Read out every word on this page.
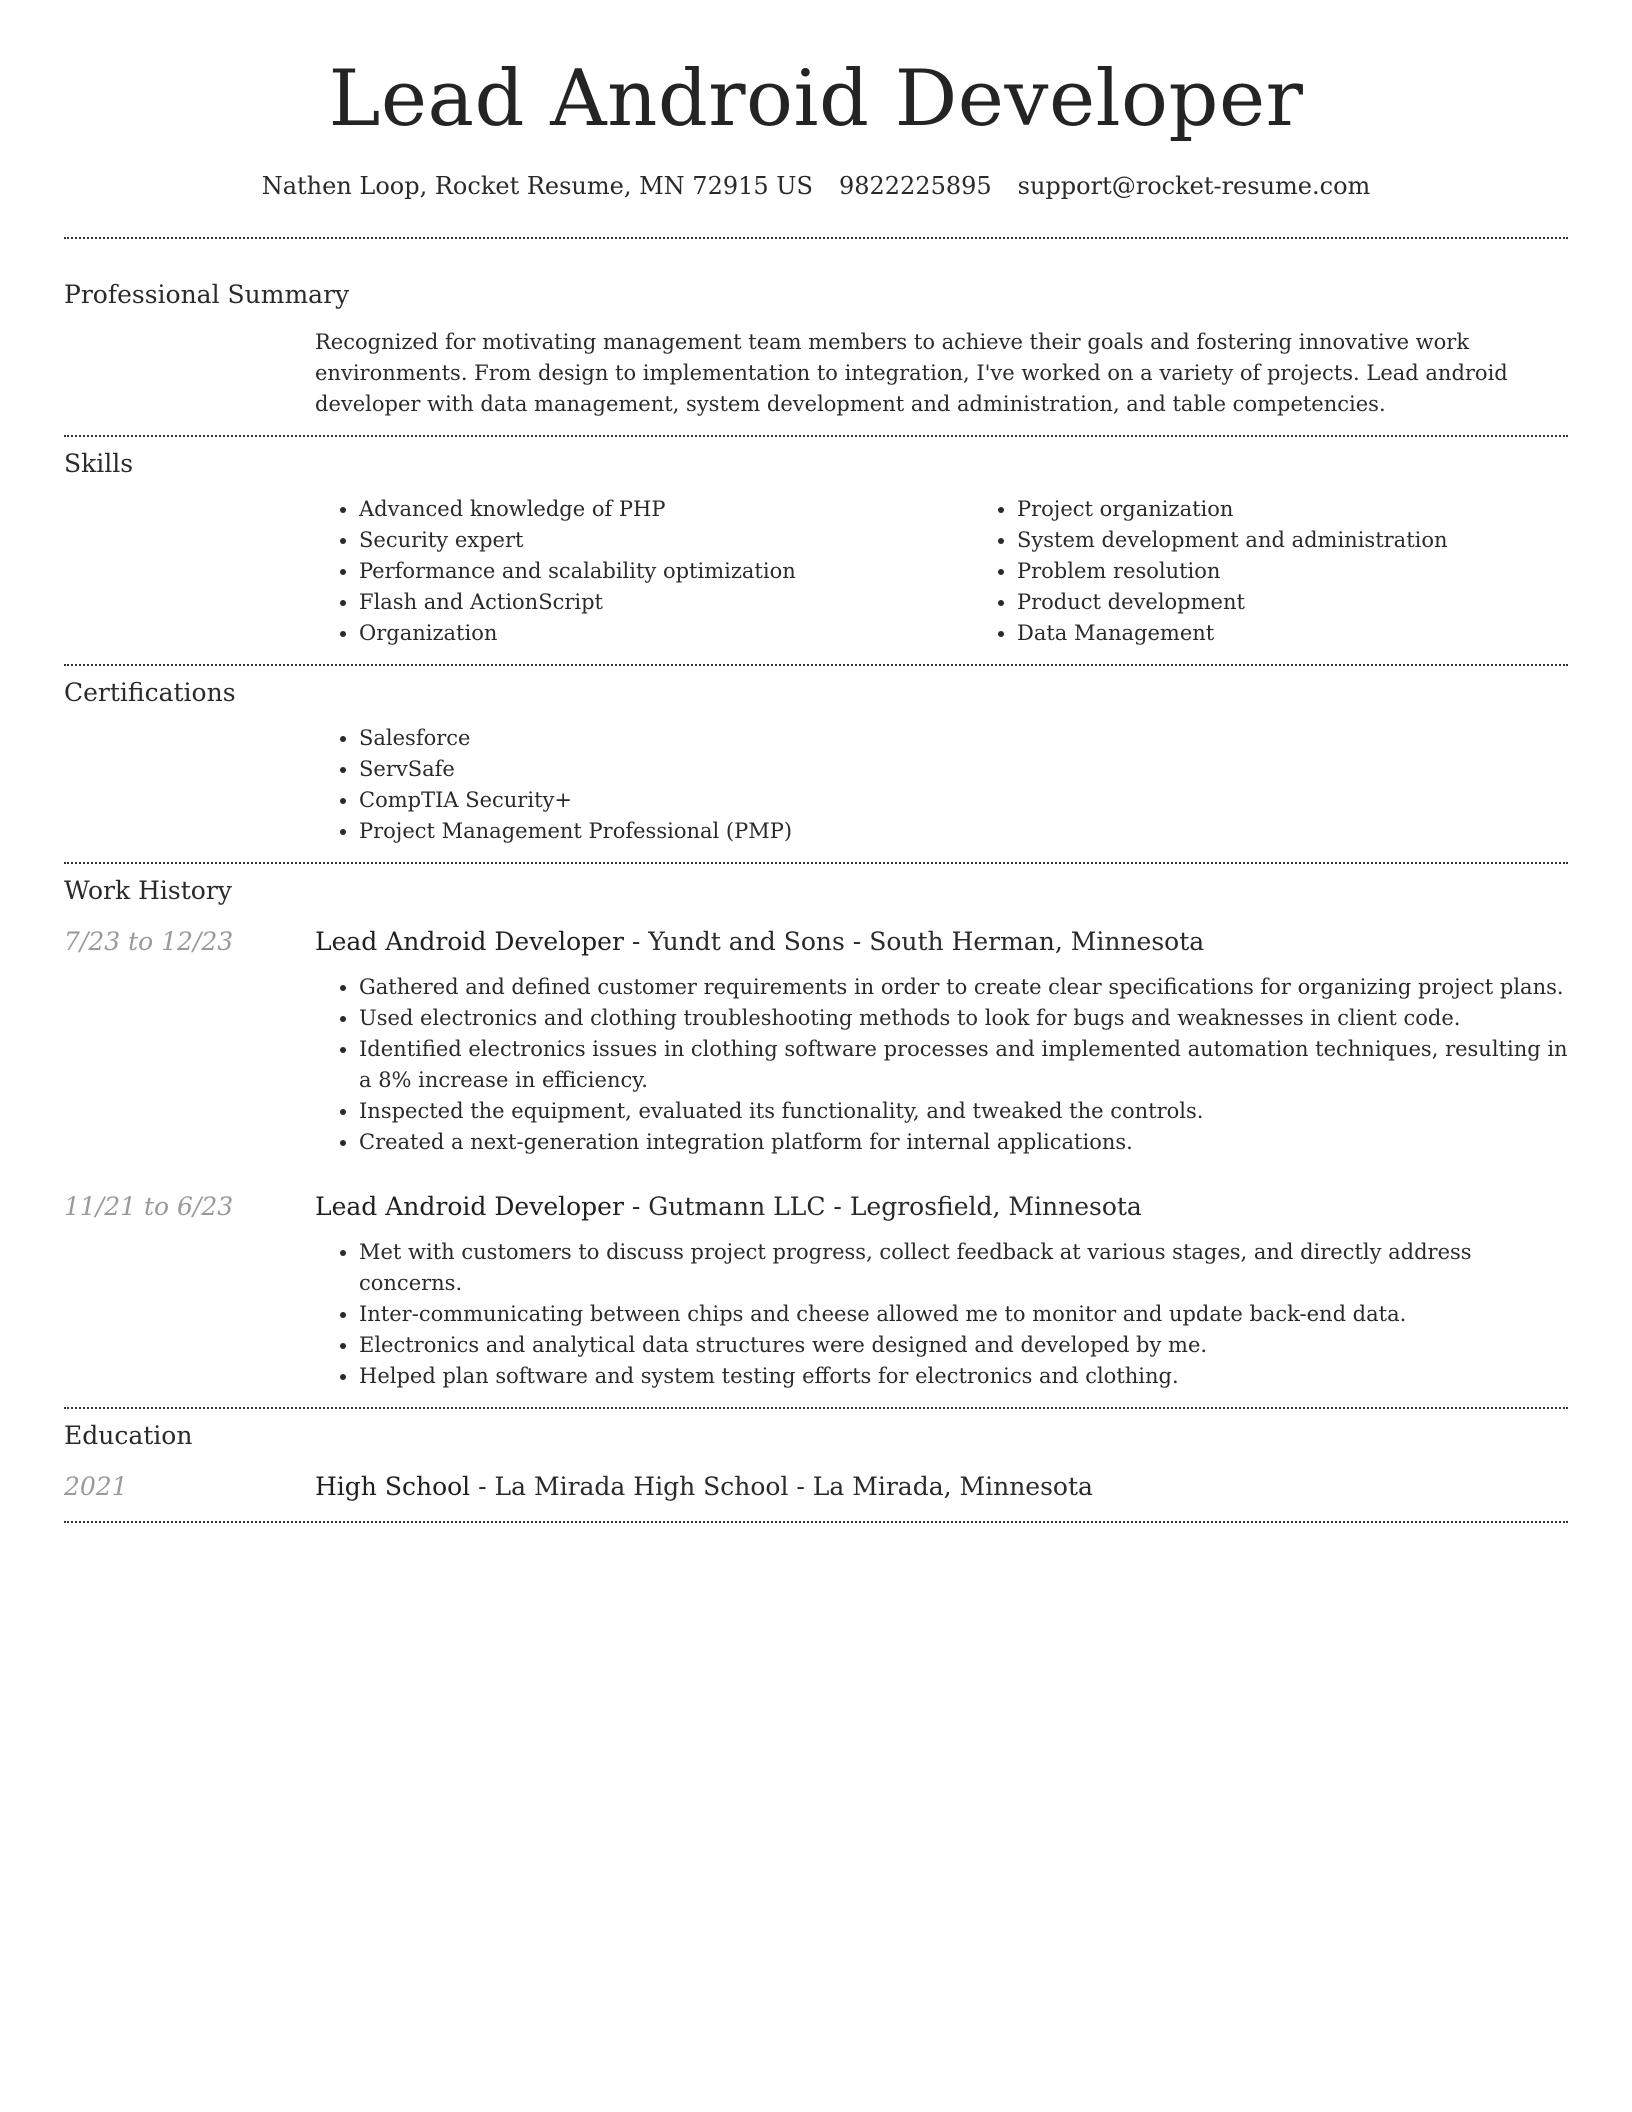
Lead Android Developer
Nathen Loop, Rocket Resume, MN 72915 US 9822225895 support@rocket-resume.com
Professional Summary
Recognized for motivating management team members to achieve their goals and fostering innovative work environments. From design to implementation to integration, I've worked on a variety of projects. Lead android developer with data management, system development and administration, and table competencies.
Skills
• Advanced knowledge of PHP
• Security expert
• Performance and scalability optimization
• Flash and ActionScript
• Organization
• Project organization
• System development and administration
• Problem resolution
• Product development
• Data Management
Certifications
• Salesforce
• ServSafe
• CompTIA Security+
• Project Management Professional (PMP)
Work History
7/23 to 12/23	Lead Android Developer - Yundt and Sons - South Herman, Minnesota
• Gathered and defined customer requirements in order to create clear specifications for organizing project plans.
• Used electronics and clothing troubleshooting methods to look for bugs and weaknesses in client code.
• Identified electronics issues in clothing software processes and implemented automation techniques, resulting in a 8% increase in efficiency.
• Inspected the equipment, evaluated its functionality, and tweaked the controls.
• Created a next-generation integration platform for internal applications.
11/21 to 6/23	Lead Android Developer - Gutmann LLC - Legrosfield, Minnesota
• Met with customers to discuss project progress, collect feedback at various stages, and directly address concerns.
• Inter-communicating between chips and cheese allowed me to monitor and update back-end data.
• Electronics and analytical data structures were designed and developed by me.
• Helped plan software and system testing efforts for electronics and clothing.
Education
2021	High School - La Mirada High School - La Mirada, Minnesota
